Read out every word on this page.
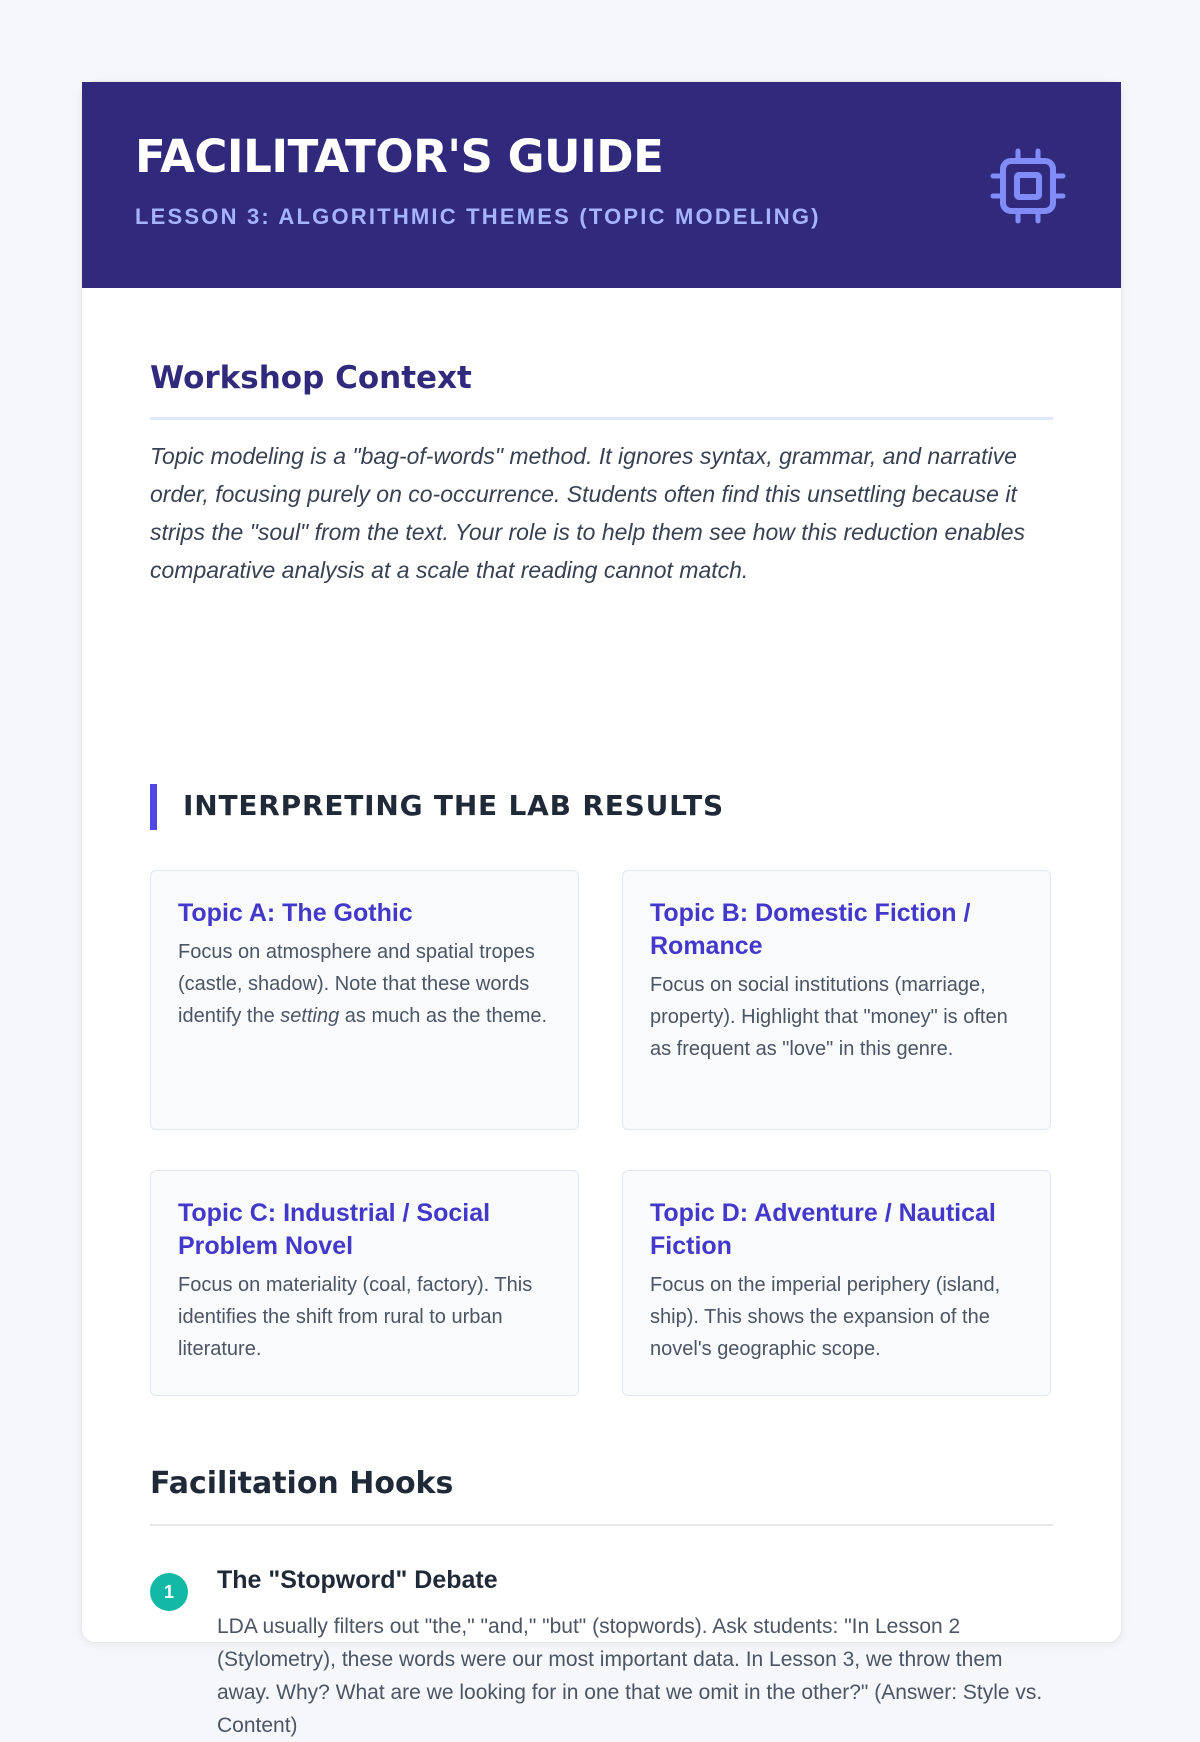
FACILITATOR'S GUIDE
LESSON 3: ALGORITHMIC THEMES (TOPIC MODELING)
Workshop Context
Topic modeling is a "bag-of-words" method. It ignores syntax, grammar, and narrative order, focusing purely on co-occurrence. Students often find this unsettling because it strips the "soul" from the text. Your role is to help them see how this reduction enables comparative analysis at a scale that reading cannot match.
INTERPRETING THE LAB RESULTS
Topic A: The Gothic

Focus on atmosphere and spatial tropes (castle, shadow). Note that these words identify the setting as much as the theme.

Topic B: Domestic Fiction / Romance

Focus on social institutions (marriage, property). Highlight that "money" is often as frequent as "love" in this genre.

Topic C: Industrial / Social Problem Novel

Focus on materiality (coal, factory). This identifies the shift from rural to urban literature.

Topic D: Adventure / Nautical Fiction

Focus on the imperial periphery (island, ship). This shows the expansion of the novel's geographic scope.

Facilitation Hooks
1	The "Stopword" Debate
LDA usually filters out "the," "and," "but" (stopwords). Ask students: "In Lesson 2 (Stylometry), these words were our most important data. In Lesson 3, we throw them away. Why? What are we looking for in one that we omit in the other?" (Answer: Style vs. Content)
